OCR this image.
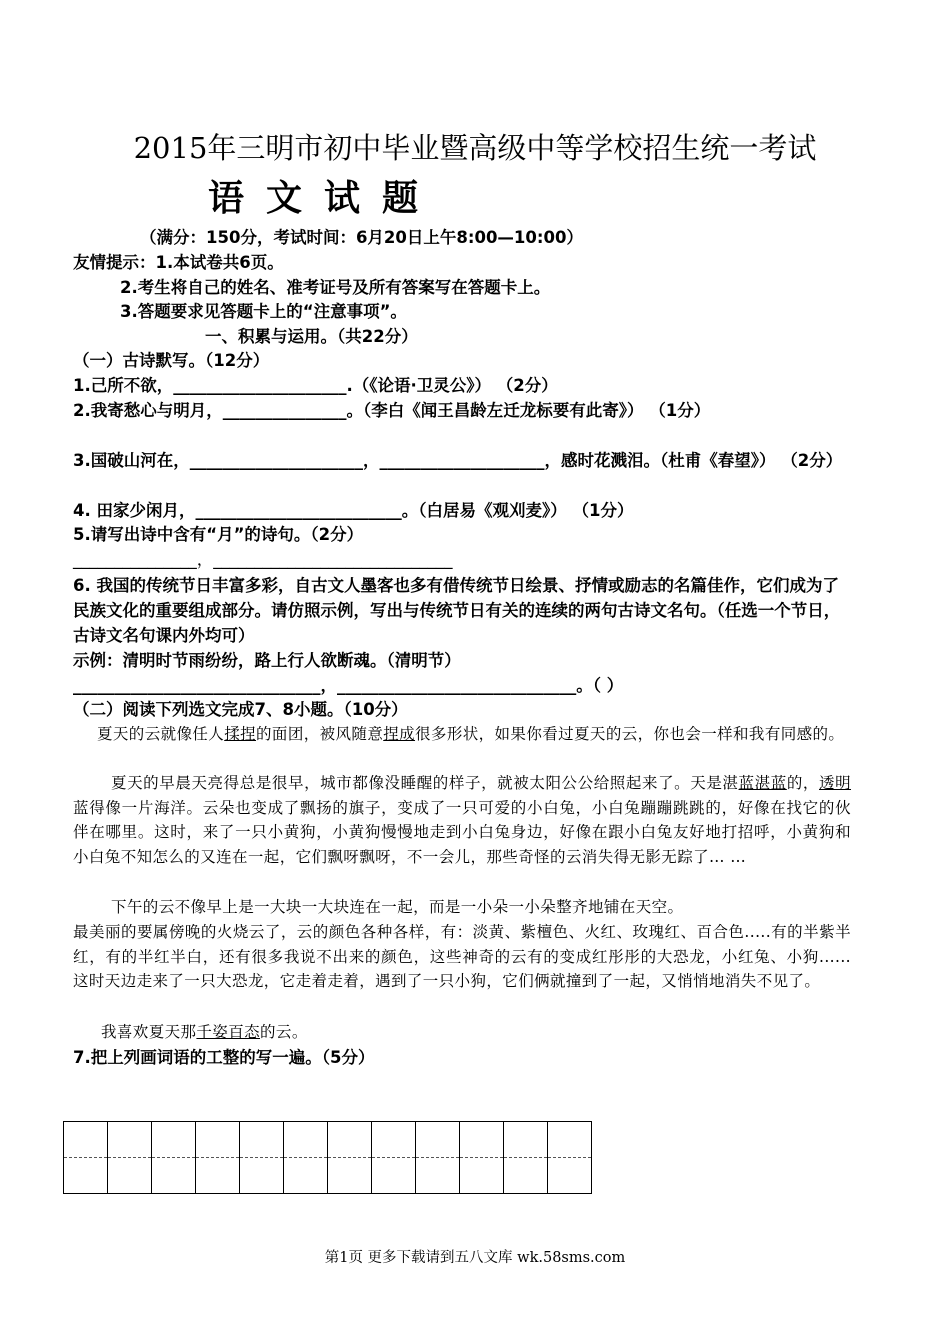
2015年三明市初中毕业暨高级中等学校招生统一考试
语文试题
（满分：150分，考试时间：6月20日上午8:00—10:00）
友情提示：1.本试卷共6页。
2.考生将自己的姓名、准考证号及所有答案写在答题卡上。
3.答题要求见答题卡上的“注意事项”。
一、积累与运用。（共22分）
（一）古诗默写。（12分）
1.己所不欲，_____________________.（《论语·卫灵公》） （2分）
2.我寄愁心与明月，_______________。（李白《闻王昌龄左迁龙标要有此寄》） （1分）
3.国破山河在，_____________________，____________________，感时花溅泪。（杜甫《春望》） （2分）
4. 田家少闲月，_________________________。（白居易《观刈麦》） （1分）
5.请写出诗中含有“月”的诗句。（2分）
_______________，_____________________________
6. 我国的传统节日丰富多彩，自古文人墨客也多有借传统节日绘景、抒情或励志的名篇佳作，它们成为了民族文化的重要组成部分。请仿照示例，写出与传统节日有关的连续的两句古诗文名句。（任选一个节日，古诗文名句课内外均可）
示例：清明时节雨纷纷，路上行人欲断魂。（清明节）
______________________________，_____________________________。（ ）
（二）阅读下列选文完成7、8小题。（10分）
夏天的云就像任人揉捏的面团，被风随意捏成很多形状，如果你看过夏天的云，你也会一样和我有同感的。
夏天的早晨天亮得总是很早，城市都像没睡醒的样子，就被太阳公公给照起来了。天是湛蓝湛蓝的，透明蓝得像一片海洋。云朵也变成了飘扬的旗子，变成了一只可爱的小白兔，小白兔蹦蹦跳跳的，好像在找它的伙伴在哪里。这时，来了一只小黄狗，小黄狗慢慢地走到小白兔身边，好像在跟小白兔友好地打招呼，小黄狗和小白兔不知怎么的又连在一起，它们飘呀飘呀，不一会儿，那些奇怪的云消失得无影无踪了… …
下午的云不像早上是一大块一大块连在一起，而是一小朵一小朵整齐地铺在天空。
最美丽的要属傍晚的火烧云了，云的颜色各种各样，有：淡黄、紫檀色、火红、玫瑰红、百合色.....有的半紫半红，有的半红半白，还有很多我说不出来的颜色，这些神奇的云有的变成红彤彤的大恐龙，小红兔、小狗......这时天边走来了一只大恐龙，它走着走着，遇到了一只小狗，它们俩就撞到了一起，又悄悄地消失不见了。
我喜欢夏天那千姿百态的云。
7.把上列画词语的工整的写一遍。（5分）

第1页 更多下载请到五八文库 wk.58sms.com
